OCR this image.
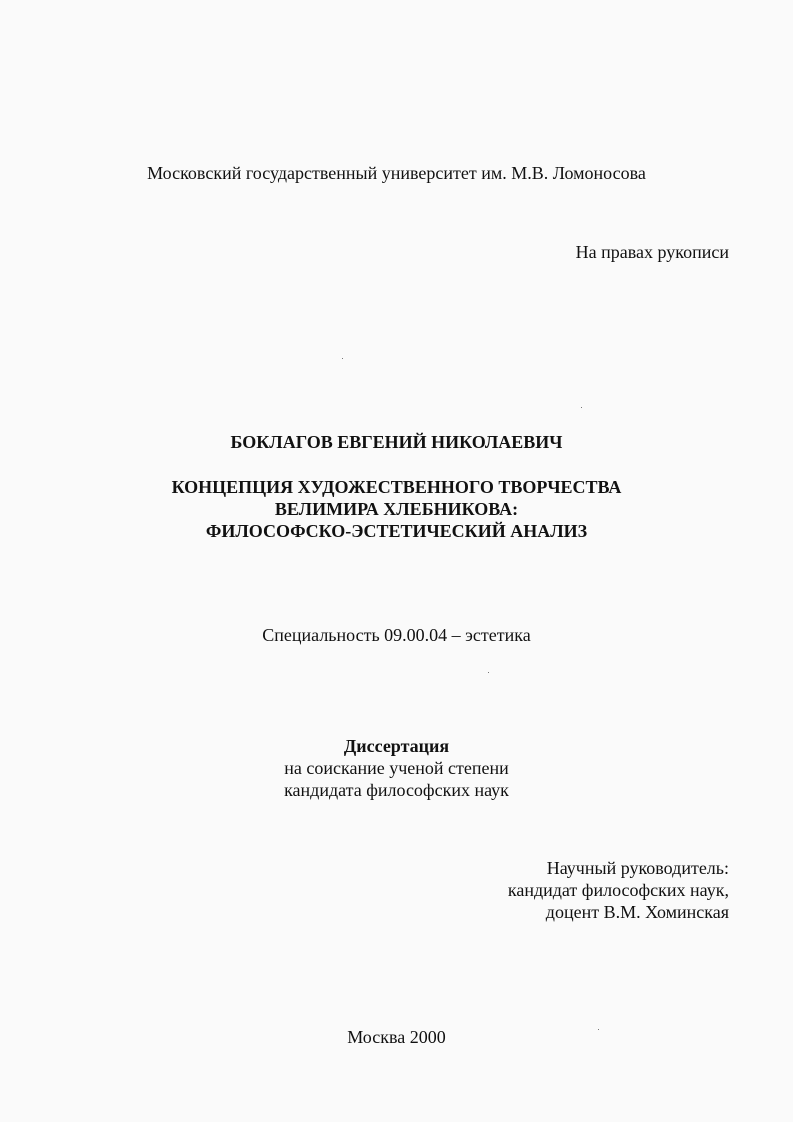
Московский государственный университет им. М.В. Ломоносова
На правах рукописи
БОКЛАГОВ ЕВГЕНИЙ НИКОЛАЕВИЧ
КОНЦЕПЦИЯ ХУДОЖЕСТВЕННОГО ТВОРЧЕСТВА
ВЕЛИМИРА ХЛЕБНИКОВА:
ФИЛОСОФСКО-ЭСТЕТИЧЕСКИЙ АНАЛИЗ
Специальность 09.00.04 – эстетика
Диссертация
на соискание ученой степени
кандидата философских наук
Научный руководитель:
кандидат философских наук,
доцент В.М. Хоминская
Москва 2000
